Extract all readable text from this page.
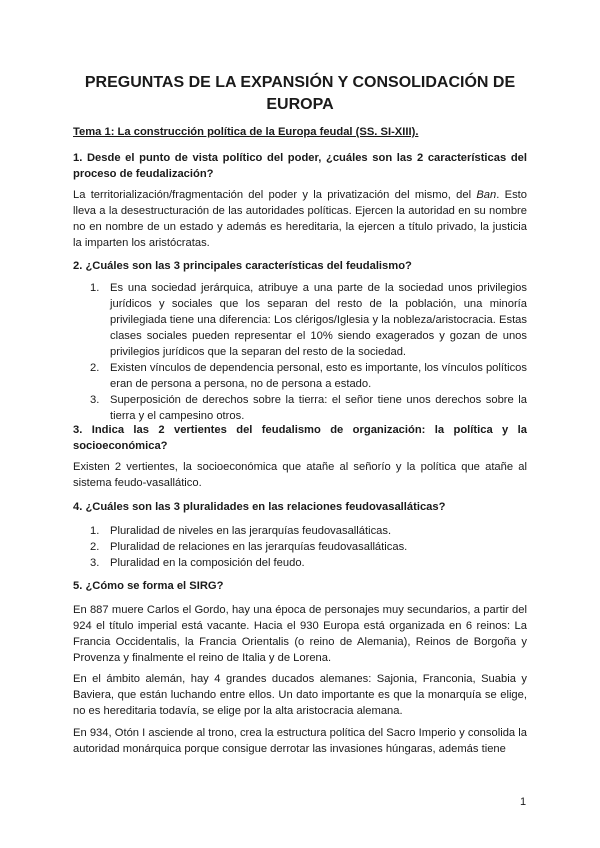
PREGUNTAS DE LA EXPANSIÓN Y CONSOLIDACIÓN DE EUROPA
Tema 1: La construcción política de la Europa feudal (SS. SI-XIII).
1. Desde el punto de vista político del poder, ¿cuáles son las 2 características del proceso de feudalización?
La territorialización/fragmentación del poder y la privatización del mismo, del Ban. Esto lleva a la desestructuración de las autoridades políticas. Ejercen la autoridad en su nombre no en nombre de un estado y además es hereditaria, la ejercen a título privado, la justicia la imparten los aristócratas.
2. ¿Cuáles son las 3 principales características del feudalismo?
1. Es una sociedad jerárquica, atribuye a una parte de la sociedad unos privilegios jurídicos y sociales que los separan del resto de la población, una minoría privilegiada tiene una diferencia: Los clérigos/Iglesia y la nobleza/aristocracia. Estas clases sociales pueden representar el 10% siendo exagerados y gozan de unos privilegios jurídicos que la separan del resto de la sociedad.
2. Existen vínculos de dependencia personal, esto es importante, los vínculos políticos eran de persona a persona, no de persona a estado.
3. Superposición de derechos sobre la tierra: el señor tiene unos derechos sobre la tierra y el campesino otros.
3. Indica las 2 vertientes del feudalismo de organización: la política y la socioeconómica?
Existen 2 vertientes, la socioeconómica que atañe al señorío y la política que atañe al sistema feudo-vasallático.
4. ¿Cuáles son las 3 pluralidades en las relaciones feudovasalláticas?
1. Pluralidad de niveles en las jerarquías feudovasalláticas.
2. Pluralidad de relaciones en las jerarquías feudovasalláticas.
3. Pluralidad en la composición del feudo.
5. ¿Cómo se forma el SIRG?
En 887 muere Carlos el Gordo, hay una época de personajes muy secundarios, a partir del 924 el título imperial está vacante. Hacia el 930 Europa está organizada en 6 reinos: La Francia Occidentalis, la Francia Orientalis (o reino de Alemania), Reinos de Borgoña y Provenza y finalmente el reino de Italia y de Lorena.
En el ámbito alemán, hay 4 grandes ducados alemanes: Sajonia, Franconia, Suabia y Baviera, que están luchando entre ellos. Un dato importante es que la monarquía se elige, no es hereditaria todavía, se elige por la alta aristocracia alemana.
En 934, Otón I asciende al trono, crea la estructura política del Sacro Imperio y consolida la autoridad monárquica porque consigue derrotar las invasiones húngaras, además tiene
1
